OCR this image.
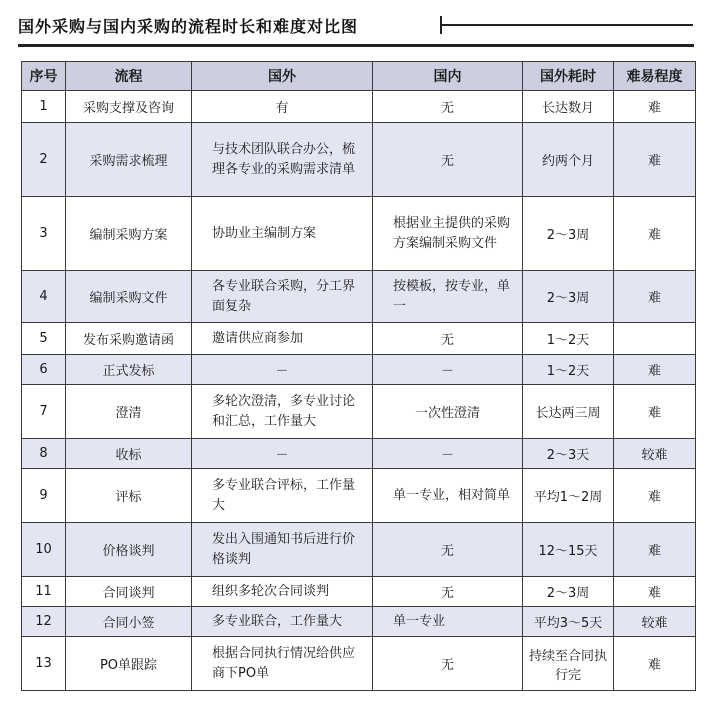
国外采购与国内采购的流程时长和难度对比图
序号	流程	国外	国内	国外耗时	难易程度
1	采购支撑及咨询	有	无	长达数月	难
2	采购需求梳理	与技术团队联合办公，梳理各专业的采购需求清单	无	约两个月	难
3	编制采购方案	协助业主编制方案	根据业主提供的采购方案编制采购文件	2～3周	难
4	编制采购文件	各专业联合采购，分工界面复杂	按模板，按专业，单一	2～3周	难
5	发布采购邀请函	邀请供应商参加	无	1～2天	
6	正式发标	－	－	1～2天	难
7	澄清	多轮次澄清，多专业讨论和汇总，工作量大	一次性澄清	长达两三周	难
8	收标	－	－	2～3天	较难
9	评标	多专业联合评标，工作量大	单一专业，相对简单	平均1～2周	难
10	价格谈判	发出入围通知书后进行价格谈判	无	12～15天	难
11	合同谈判	组织多轮次合同谈判	无	2～3周	难
12	合同小签	多专业联合，工作量大	单一专业	平均3～5天	较难
13	PO单跟踪	根据合同执行情况给供应商下PO单	无	持续至合同执行完	难
